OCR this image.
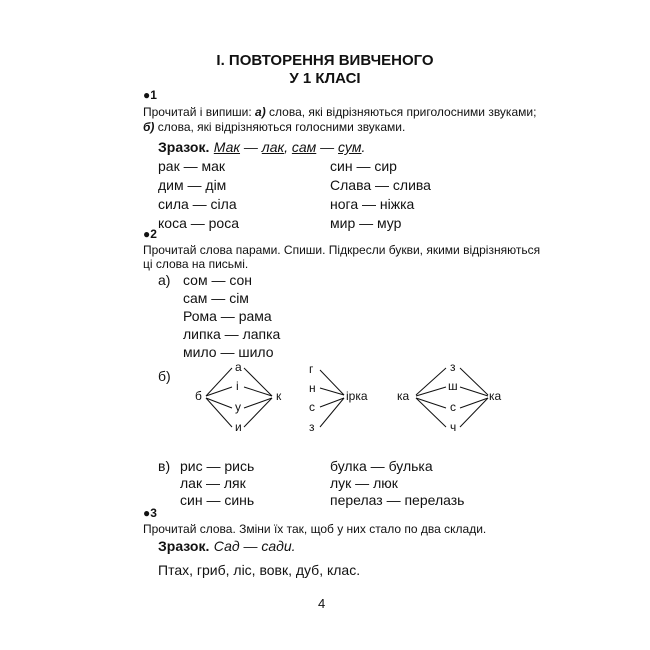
І. ПОВТОРЕННЯ ВИВЧЕНОГО
У 1 КЛАСІ
●1
Прочитай і випиши: а) слова, які відрізняються приголосними звуками;
б) слова, які відрізняються голосними звуками.
Зразок. Мак — лак, сам — сум.
рак — мак
дим — дім
сила — сіла
коса — роса
син — сир
Слава — слива
нога — ніжка
мир — мур
●2
Прочитай слова парами. Спиши. Підкресли букви, якими відрізняються
ці слова на письмі.
а) сом — сон
сам — сім
Рома — рама
липка — лапка
мило — шило
б)
б	к
а
і
у
и
г
н
с
з
ірка ка	ка
з
ш
с
ч
в) рис — рись
лак — ляк
син — синь
булка — булька
лук — люк
перелаз — перелазь
●3
Прочитай слова. Зміни їх так, щоб у них стало по два склади.
Зразок. Сад — сади.
Птах, гриб, ліс, вовк, дуб, клас.
4
